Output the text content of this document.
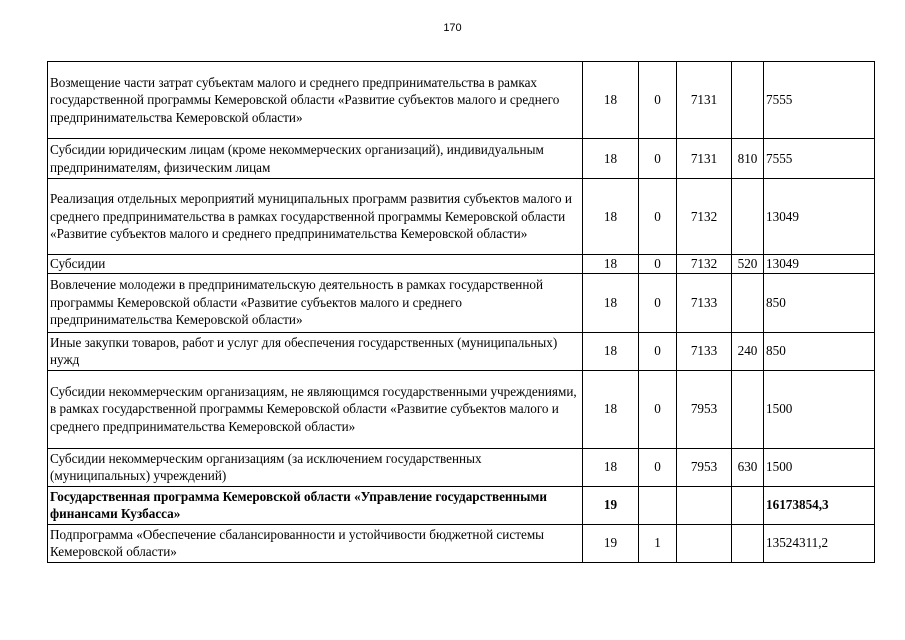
170
Возмещение части затрат субъектам малого и среднего предпринимательства в рамках государственной программы Кемеровской области «Развитие субъектов малого и среднего предпринимательства Кемеровской области»	18	0	7131		7555
Субсидии юридическим лицам (кроме некоммерческих организаций), индивидуальным предпринимателям, физическим лицам	18	0	7131	810	7555
Реализация отдельных мероприятий муниципальных программ развития субъектов малого и среднего предпринимательства в рамках государственной программы Кемеровской области «Развитие субъектов малого и среднего предпринимательства Кемеровской области»	18	0	7132		13049
Субсидии	18	0	7132	520	13049
Вовлечение молодежи в предпринимательскую деятельность в рамках государственной программы Кемеровской области «Развитие субъектов малого и среднего предпринимательства Кемеровской области»	18	0	7133		850
Иные закупки товаров, работ и услуг для обеспечения государственных (муниципальных) нужд	18	0	7133	240	850
Субсидии некоммерческим организациям, не являющимся государственными учреждениями, в рамках государственной программы Кемеровской области «Развитие субъектов малого и среднего предпринимательства Кемеровской области»	18	0	7953		1500
Субсидии некоммерческим организациям (за исключением государственных (муниципальных) учреждений)	18	0	7953	630	1500
Государственная программа Кемеровской области «Управление государственными финансами Кузбасса»	19				16173854,3
Подпрограмма «Обеспечение сбалансированности и устойчивости бюджетной системы Кемеровской области»	19	1			13524311,2
